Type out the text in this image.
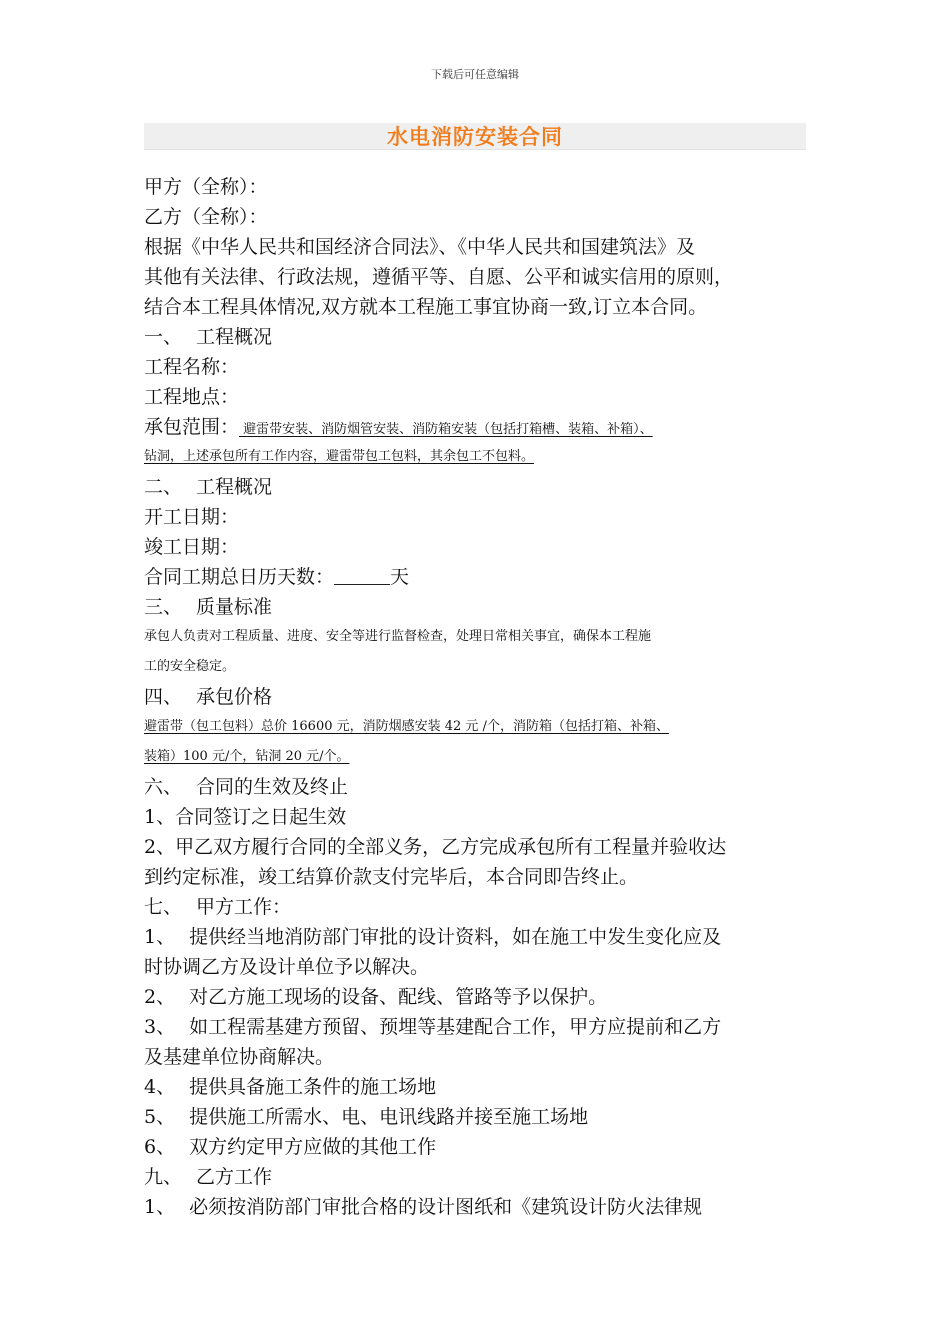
下载后可任意编辑
水电消防安装合同
甲方（全称）：
乙方（全称）：
根据《中华人民共和国经济合同法》、《中华人民共和国建筑法》及
其他有关法律、行政法规，遵循平等、自愿、公平和诚实信用的原则，
结合本工程具体情况,双方就本工程施工事宜协商一致,订立本合同。
一、 工程概况
工程名称：
工程地点：
承包范围： 避雷带安装、消防烟管安装、消防箱安装（包括打箱槽、装箱、补箱）、
钻洞，上述承包所有工作内容，避雷带包工包料，其余包工不包料。
二、 工程概况
开工日期：
竣工日期：
合同工期总日历天数：	天
三、 质量标准
承包人负责对工程质量、进度、安全等进行监督检查，处理日常相关事宜，确保本工程施
工的安全稳定。
四、 承包价格
避雷带（包工包料）总价 16600 元，消防烟感安装 42 元 /个，消防箱（包括打箱、补箱、
装箱）100 元/个，钻洞 20 元/个。
六、 合同的生效及终止
1、合同签订之日起生效
2、甲乙双方履行合同的全部义务，乙方完成承包所有工程量并验收达
到约定标准，竣工结算价款支付完毕后，本合同即告终止。
七、 甲方工作：
1、 提供经当地消防部门审批的设计资料，如在施工中发生变化应及
时协调乙方及设计单位予以解决。
2、 对乙方施工现场的设备、配线、管路等予以保护。
3、 如工程需基建方预留、预埋等基建配合工作，甲方应提前和乙方
及基建单位协商解决。
4、 提供具备施工条件的施工场地
5、 提供施工所需水、电、电讯线路并接至施工场地
6、 双方约定甲方应做的其他工作
九、 乙方工作
1、 必须按消防部门审批合格的设计图纸和《建筑设计防火法律规
